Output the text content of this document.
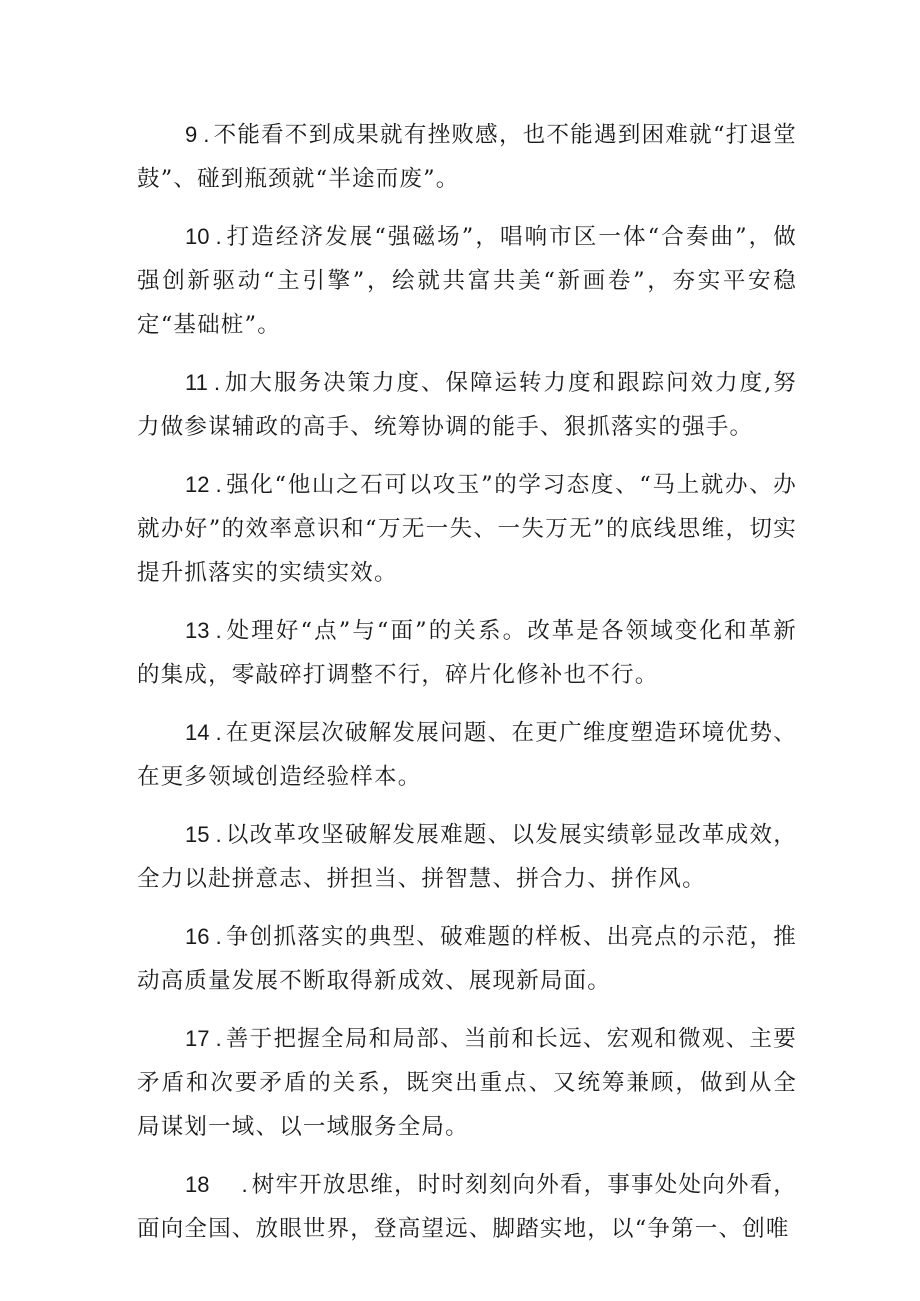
9 . 不能看不到成果就有挫败感，也不能遇到困难就“打退堂鼓”、碰到瓶颈就“半途而废”。

10 . 打造经济发展“强磁场”，唱响市区一体“合奏曲”，做强创新驱动“主引擎”，绘就共富共美“新画卷”，夯实平安稳定“基础桩”。

11 . 加大服务决策力度、保障运转力度和跟踪问效力度,努力做参谋辅政的高手、统筹协调的能手、狠抓落实的强手。

12 . 强化“他山之石可以攻玉”的学习态度、“马上就办、办就办好”的效率意识和“万无一失、一失万无”的底线思维，切实提升抓落实的实绩实效。

13 . 处理好“点”与“面”的关系。改革是各领域变化和革新的集成，零敲碎打调整不行，碎片化修补也不行。

14 . 在更深层次破解发展问题、在更广维度塑造环境优势、在更多领域创造经验样本。

15 . 以改革攻坚破解发展难题、以发展实绩彰显改革成效，全力以赴拼意志、拼担当、拼智慧、拼合力、拼作风。

16 . 争创抓落实的典型、破难题的样板、出亮点的示范，推动高质量发展不断取得新成效、展现新局面。

17 . 善于把握全局和局部、当前和长远、宏观和微观、主要矛盾和次要矛盾的关系，既突出重点、又统筹兼顾，做到从全局谋划一域、以一域服务全局。

18 . 树牢开放思维，时时刻刻向外看，事事处处向外看，面向全国、放眼世界，登高望远、脚踏实地，以“争第一、创唯
